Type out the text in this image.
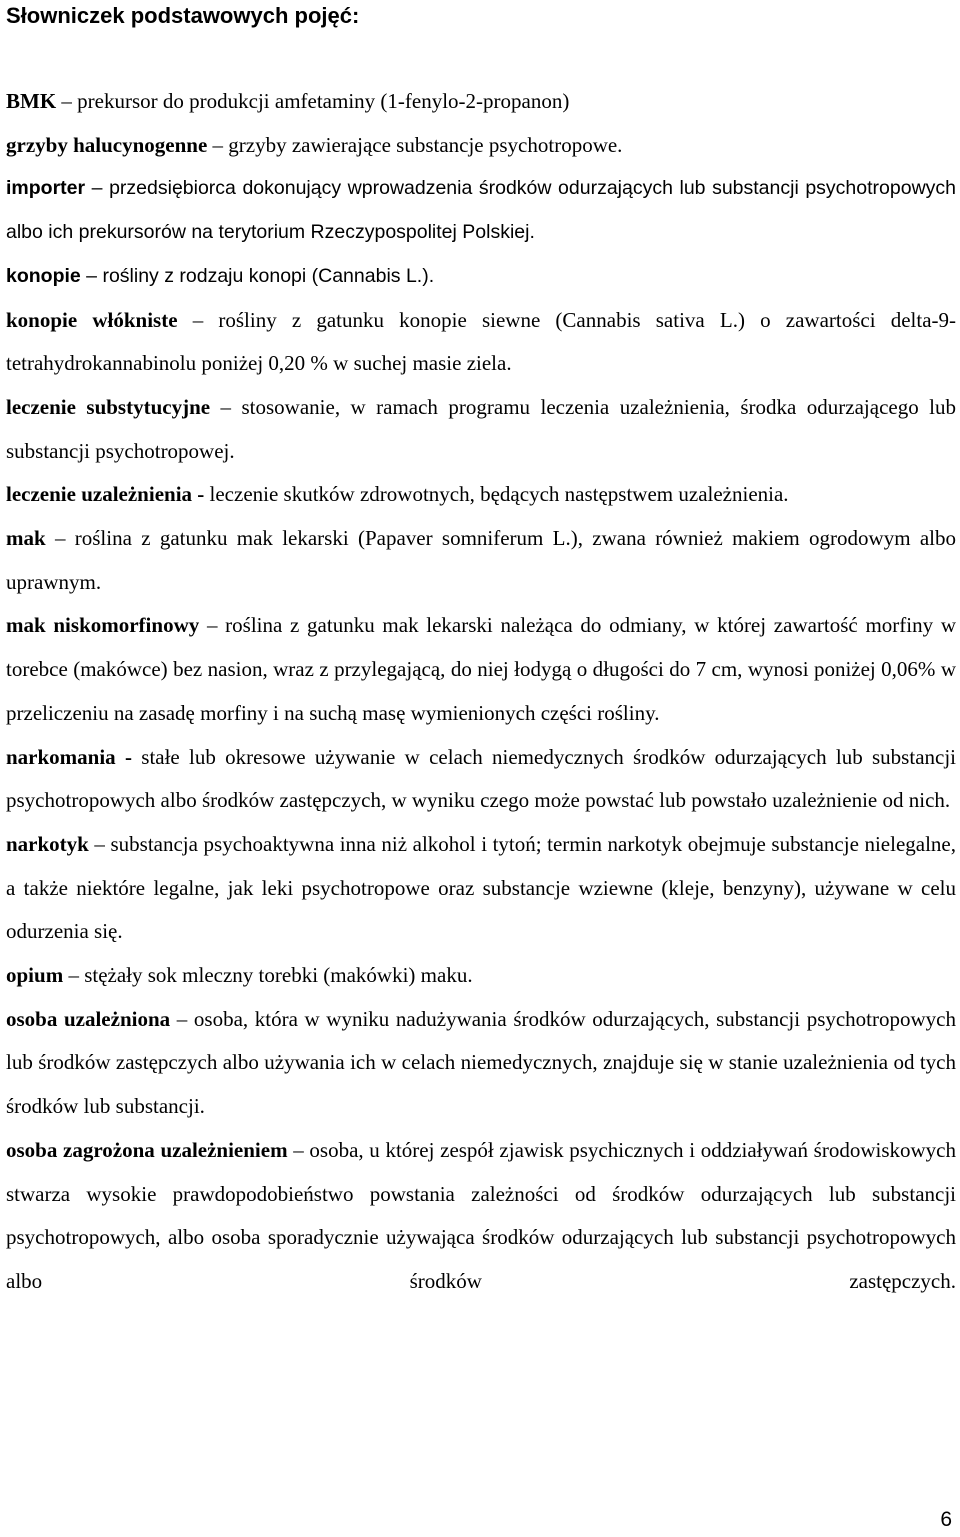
Słowniczek podstawowych pojęć:

BMK – prekursor do produkcji amfetaminy (1-fenylo-2-propanon)

grzyby halucynogenne – grzyby zawierające substancje psychotropowe.

importer – przedsiębiorca dokonujący wprowadzenia środków odurzających lub substancji psychotropowych albo ich prekursorów na terytorium Rzeczypospolitej Polskiej.

konopie – rośliny z rodzaju konopi (Cannabis L.).

konopie włókniste – rośliny z gatunku konopie siewne (Cannabis sativa L.) o zawartości delta-9-tetrahydrokannabinolu poniżej 0,20 % w suchej masie ziela.

leczenie substytucyjne – stosowanie, w ramach programu leczenia uzależnienia, środka odurzającego lub substancji psychotropowej.

leczenie uzależnienia - leczenie skutków zdrowotnych, będących następstwem uzależnienia.

mak – roślina z gatunku mak lekarski (Papaver somniferum L.), zwana również makiem ogrodowym albo uprawnym.

mak niskomorfinowy – roślina z gatunku mak lekarski należąca do odmiany, w której zawartość morfiny w torebce (makówce) bez nasion, wraz z przylegającą, do niej łodygą o długości do 7 cm, wynosi poniżej 0,06% w przeliczeniu na zasadę morfiny i na suchą masę wymienionych części rośliny.

narkomania - stałe lub okresowe używanie w celach niemedycznych środków odurzających lub substancji psychotropowych albo środków zastępczych, w wyniku czego może powstać lub powstało uzależnienie od nich.

narkotyk – substancja psychoaktywna inna niż alkohol i tytoń; termin narkotyk obejmuje substancje nielegalne, a także niektóre legalne, jak leki psychotropowe oraz substancje wziewne (kleje, benzyny), używane w celu odurzenia się.

opium – stężały sok mleczny torebki (makówki) maku.

osoba uzależniona – osoba, która w wyniku nadużywania środków odurzających, substancji psychotropowych lub środków zastępczych albo używania ich w celach niemedycznych, znajduje się w stanie uzależnienia od tych środków lub substancji.

osoba zagrożona uzależnieniem – osoba, u której zespół zjawisk psychicznych i oddziaływań środowiskowych stwarza wysokie prawdopodobieństwo powstania zależności od środków odurzających lub substancji psychotropowych, albo osoba sporadycznie używająca środków odurzających lub substancji psychotropowych albo środków zastępczych.

6
